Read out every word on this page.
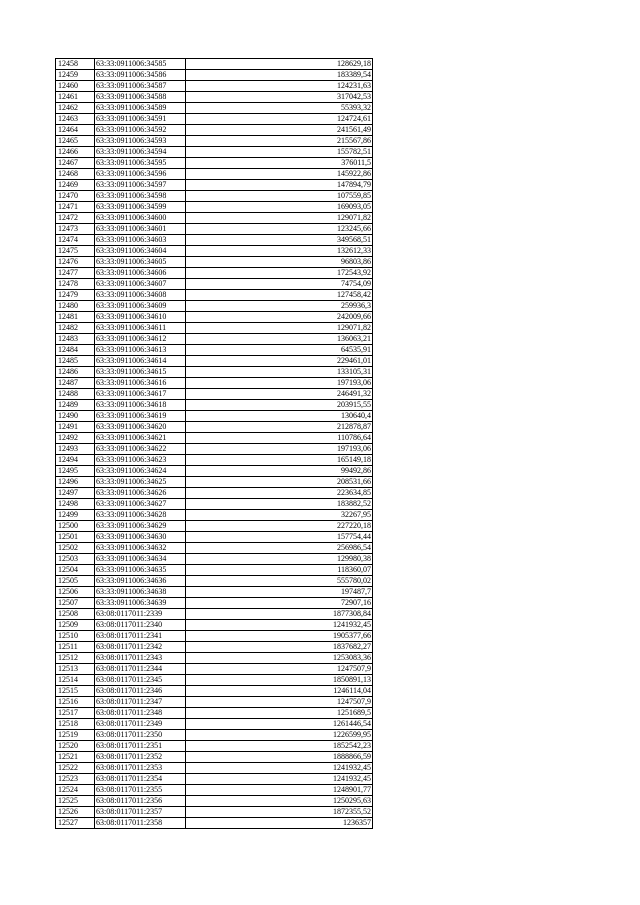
12458	63:33:0911006:34585	128629,18
12459	63:33:0911006:34586	183389,54
12460	63:33:0911006:34587	124231,63
12461	63:33:0911006:34588	317042,53
12462	63:33:0911006:34589	55393,32
12463	63:33:0911006:34591	124724,61
12464	63:33:0911006:34592	241561,49
12465	63:33:0911006:34593	215567,86
12466	63:33:0911006:34594	155782,51
12467	63:33:0911006:34595	376011,5
12468	63:33:0911006:34596	145922,86
12469	63:33:0911006:34597	147894,79
12470	63:33:0911006:34598	107559,85
12471	63:33:0911006:34599	169093,05
12472	63:33:0911006:34600	129071,82
12473	63:33:0911006:34601	123245,66
12474	63:33:0911006:34603	349568,51
12475	63:33:0911006:34604	132612,33
12476	63:33:0911006:34605	96803,86
12477	63:33:0911006:34606	172543,92
12478	63:33:0911006:34607	74754,09
12479	63:33:0911006:34608	127458,42
12480	63:33:0911006:34609	259936,3
12481	63:33:0911006:34610	242009,66
12482	63:33:0911006:34611	129071,82
12483	63:33:0911006:34612	136063,21
12484	63:33:0911006:34613	64535,91
12485	63:33:0911006:34614	229461,01
12486	63:33:0911006:34615	133105,31
12487	63:33:0911006:34616	197193,06
12488	63:33:0911006:34617	246491,32
12489	63:33:0911006:34618	203915,55
12490	63:33:0911006:34619	130640,4
12491	63:33:0911006:34620	212878,87
12492	63:33:0911006:34621	110786,64
12493	63:33:0911006:34622	197193,06
12494	63:33:0911006:34623	165149,18
12495	63:33:0911006:34624	99492,86
12496	63:33:0911006:34625	208531,66
12497	63:33:0911006:34626	223634,85
12498	63:33:0911006:34627	183882,52
12499	63:33:0911006:34628	32267,95
12500	63:33:0911006:34629	227220,18
12501	63:33:0911006:34630	157754,44
12502	63:33:0911006:34632	256986,54
12503	63:33:0911006:34634	129980,38
12504	63:33:0911006:34635	118360,07
12505	63:33:0911006:34636	555780,02
12506	63:33:0911006:34638	197487,7
12507	63:33:0911006:34639	72907,16
12508	63:08:0117011:2339	1877308,84
12509	63:08:0117011:2340	1241932,45
12510	63:08:0117011:2341	1905377,66
12511	63:08:0117011:2342	1837682,27
12512	63:08:0117011:2343	1253083,36
12513	63:08:0117011:2344	1247507,9
12514	63:08:0117011:2345	1850891,13
12515	63:08:0117011:2346	1246114,04
12516	63:08:0117011:2347	1247507,9
12517	63:08:0117011:2348	1251689,5
12518	63:08:0117011:2349	1261446,54
12519	63:08:0117011:2350	1226599,95
12520	63:08:0117011:2351	1852542,23
12521	63:08:0117011:2352	1888866,59
12522	63:08:0117011:2353	1241932,45
12523	63:08:0117011:2354	1241932,45
12524	63:08:0117011:2355	1248901,77
12525	63:08:0117011:2356	1250295,63
12526	63:08:0117011:2357	1872355,52
12527	63:08:0117011:2358	1236357
